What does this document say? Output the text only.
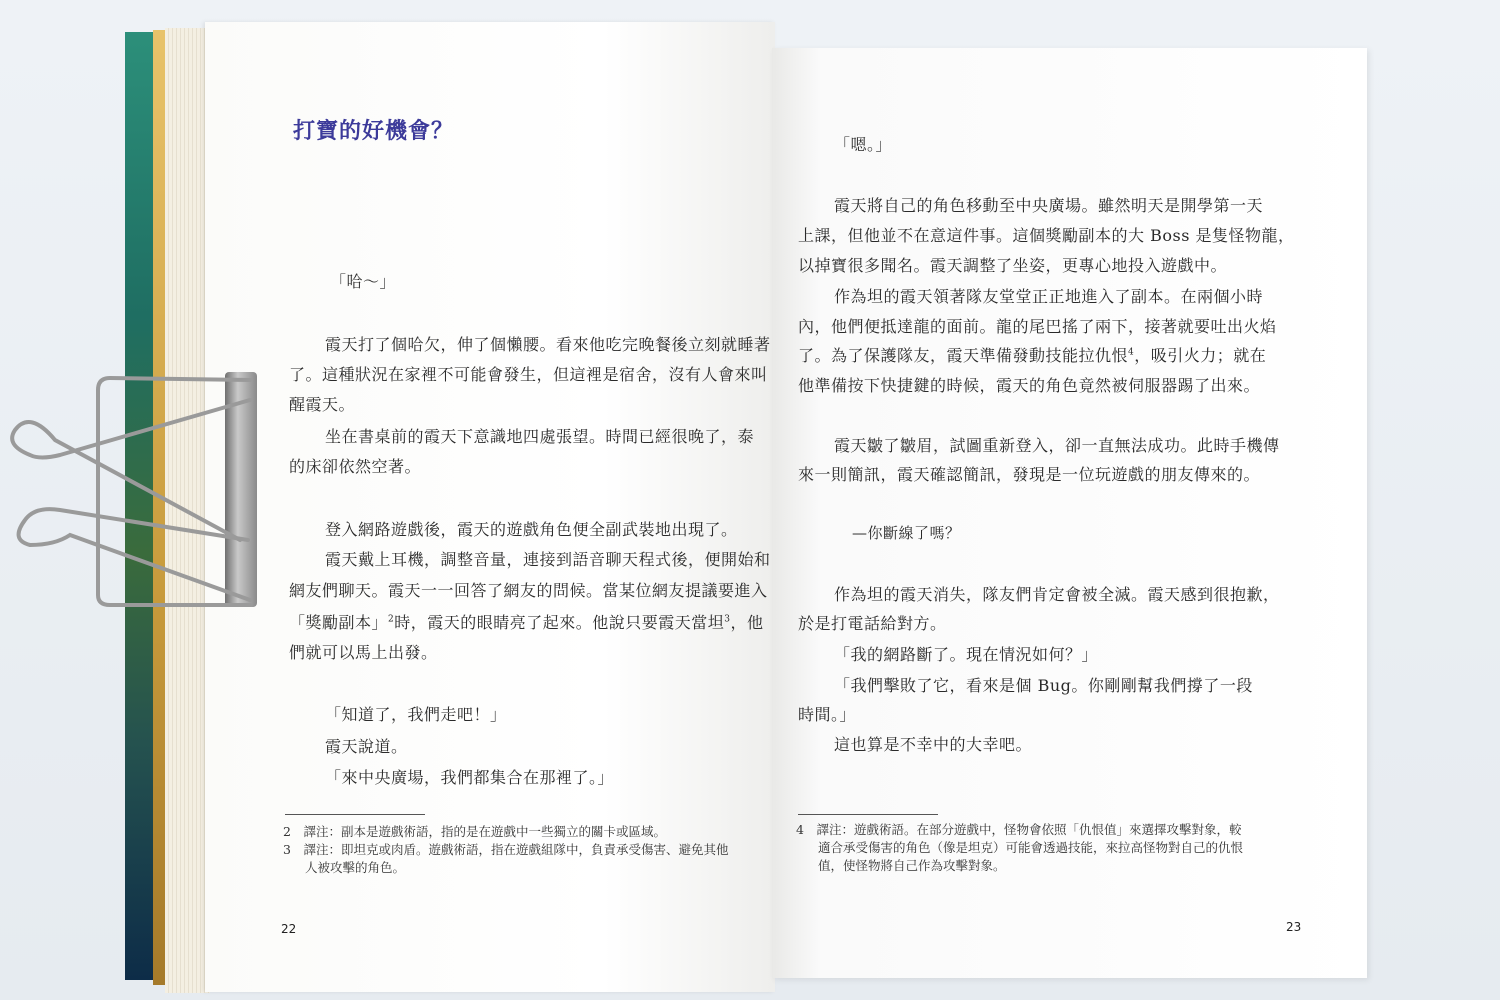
打寶的好機會？
「哈～」
霞天打了個哈欠，伸了個懶腰。看來他吃完晚餐後立刻就睡著
了。這種狀況在家裡不可能會發生，但這裡是宿舍，沒有人會來叫
醒霞天。
坐在書桌前的霞天下意識地四處張望。時間已經很晚了，泰
的床卻依然空著。
登入網路遊戲後，霞天的遊戲角色便全副武裝地出現了。
霞天戴上耳機，調整音量，連接到語音聊天程式後，便開始和
網友們聊天。霞天一一回答了網友的問候。當某位網友提議要進入
「獎勵副本」$^2$時，霞天的眼睛亮了起來。他說只要霞天當坦$^3$，他
們就可以馬上出發。
「知道了，我們走吧！」
霞天說道。
「來中央廣場，我們都集合在那裡了。」
2　譯注：副本是遊戲術語，指的是在遊戲中一些獨立的關卡或區域。
3　譯注：即坦克或肉盾。遊戲術語，指在遊戲組隊中，負責承受傷害、避免其他
人被攻擊的角色。
22
「嗯。」
霞天將自己的角色移動至中央廣場。雖然明天是開學第一天
上課，但他並不在意這件事。這個獎勵副本的大 Boss 是隻怪物龍，
以掉寶很多聞名。霞天調整了坐姿，更專心地投入遊戲中。
作為坦的霞天領著隊友堂堂正正地進入了副本。在兩個小時
內，他們便抵達龍的面前。龍的尾巴搖了兩下，接著就要吐出火焰
了。為了保護隊友，霞天準備發動技能拉仇恨$^4$，吸引火力；就在
他準備按下快捷鍵的時候，霞天的角色竟然被伺服器踢了出來。
霞天皺了皺眉，試圖重新登入，卻一直無法成功。此時手機傳
來一則簡訊，霞天確認簡訊，發現是一位玩遊戲的朋友傳來的。
—你斷線了嗎？
作為坦的霞天消失，隊友們肯定會被全滅。霞天感到很抱歉，
於是打電話給對方。
「我的網路斷了。現在情況如何？」
「我們擊敗了它，看來是個 Bug。你剛剛幫我們撐了一段
時間。」
這也算是不幸中的大幸吧。
4　譯注：遊戲術語。在部分遊戲中，怪物會依照「仇恨值」來選擇攻擊對象，較
適合承受傷害的角色（像是坦克）可能會透過技能，來拉高怪物對自己的仇恨
值，使怪物將自己作為攻擊對象。
23
